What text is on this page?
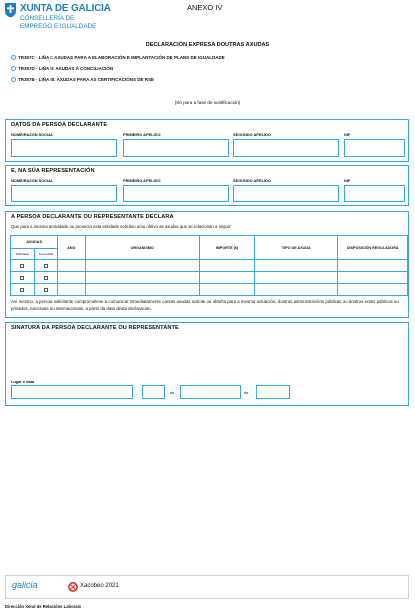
XUNTA DE GALICIA
CONSELLERÍA DE
EMPREGO E IGUALDADE
ANEXO IV
DECLARACIÓN EXPRESA DOUTRAS AXUDAS
TR357C - LIÑA I: AXUDAS PARA A ELABORACIÓN E IMPLANTACIÓN DE PLANS DE IGUALDADE
TR357D - LIÑA II: AXUDAS Á CONCILIACIÓN
TR357B - LIÑA III: AXUDAS PARA AS CERTIFICACIÓNS DE RSE
(Só para a fase de xustificación)
DATOS DA PERSOA DECLARANTE
NOME/RAZÓN SOCIAL	PRIMEIRO APELIDO	SEGUNDO APELIDO	NIF
E, NA SÚA REPRESENTACIÓN
NOME/RAZÓN SOCIAL	PRIMEIRO APELIDO	SEGUNDO APELIDO	NIF
A PERSOA DECLARANTE OU REPRESENTANTE DECLARA
Que para a mesma actividade ou proxecto esta entidade solicitou e/ou obtivo as axudas que se relacionan a seguir:
AXUDAS		ANO	ORGANISMO	IMPORTE (€)	TIPO DE AXUDA	DISPOSICIÓN REGULADORA
Solicitada	Concedida					

Así mesmo, a persoa solicitante comprométese a comunicar inmediatamente cantas axudas solicite ou obteña para a mesma actuación, doutras administracións públicas ou doutros entes públicos ou privados, nacionais ou internacionais, a partir da data desta declaración.
SINATURA DA PERSOA DECLARANTE OU REPRESENTANTE
Lugar e data
,	de	de
galicia	Xacobeo 2021
Dirección Xeral de Relacións Laborais
